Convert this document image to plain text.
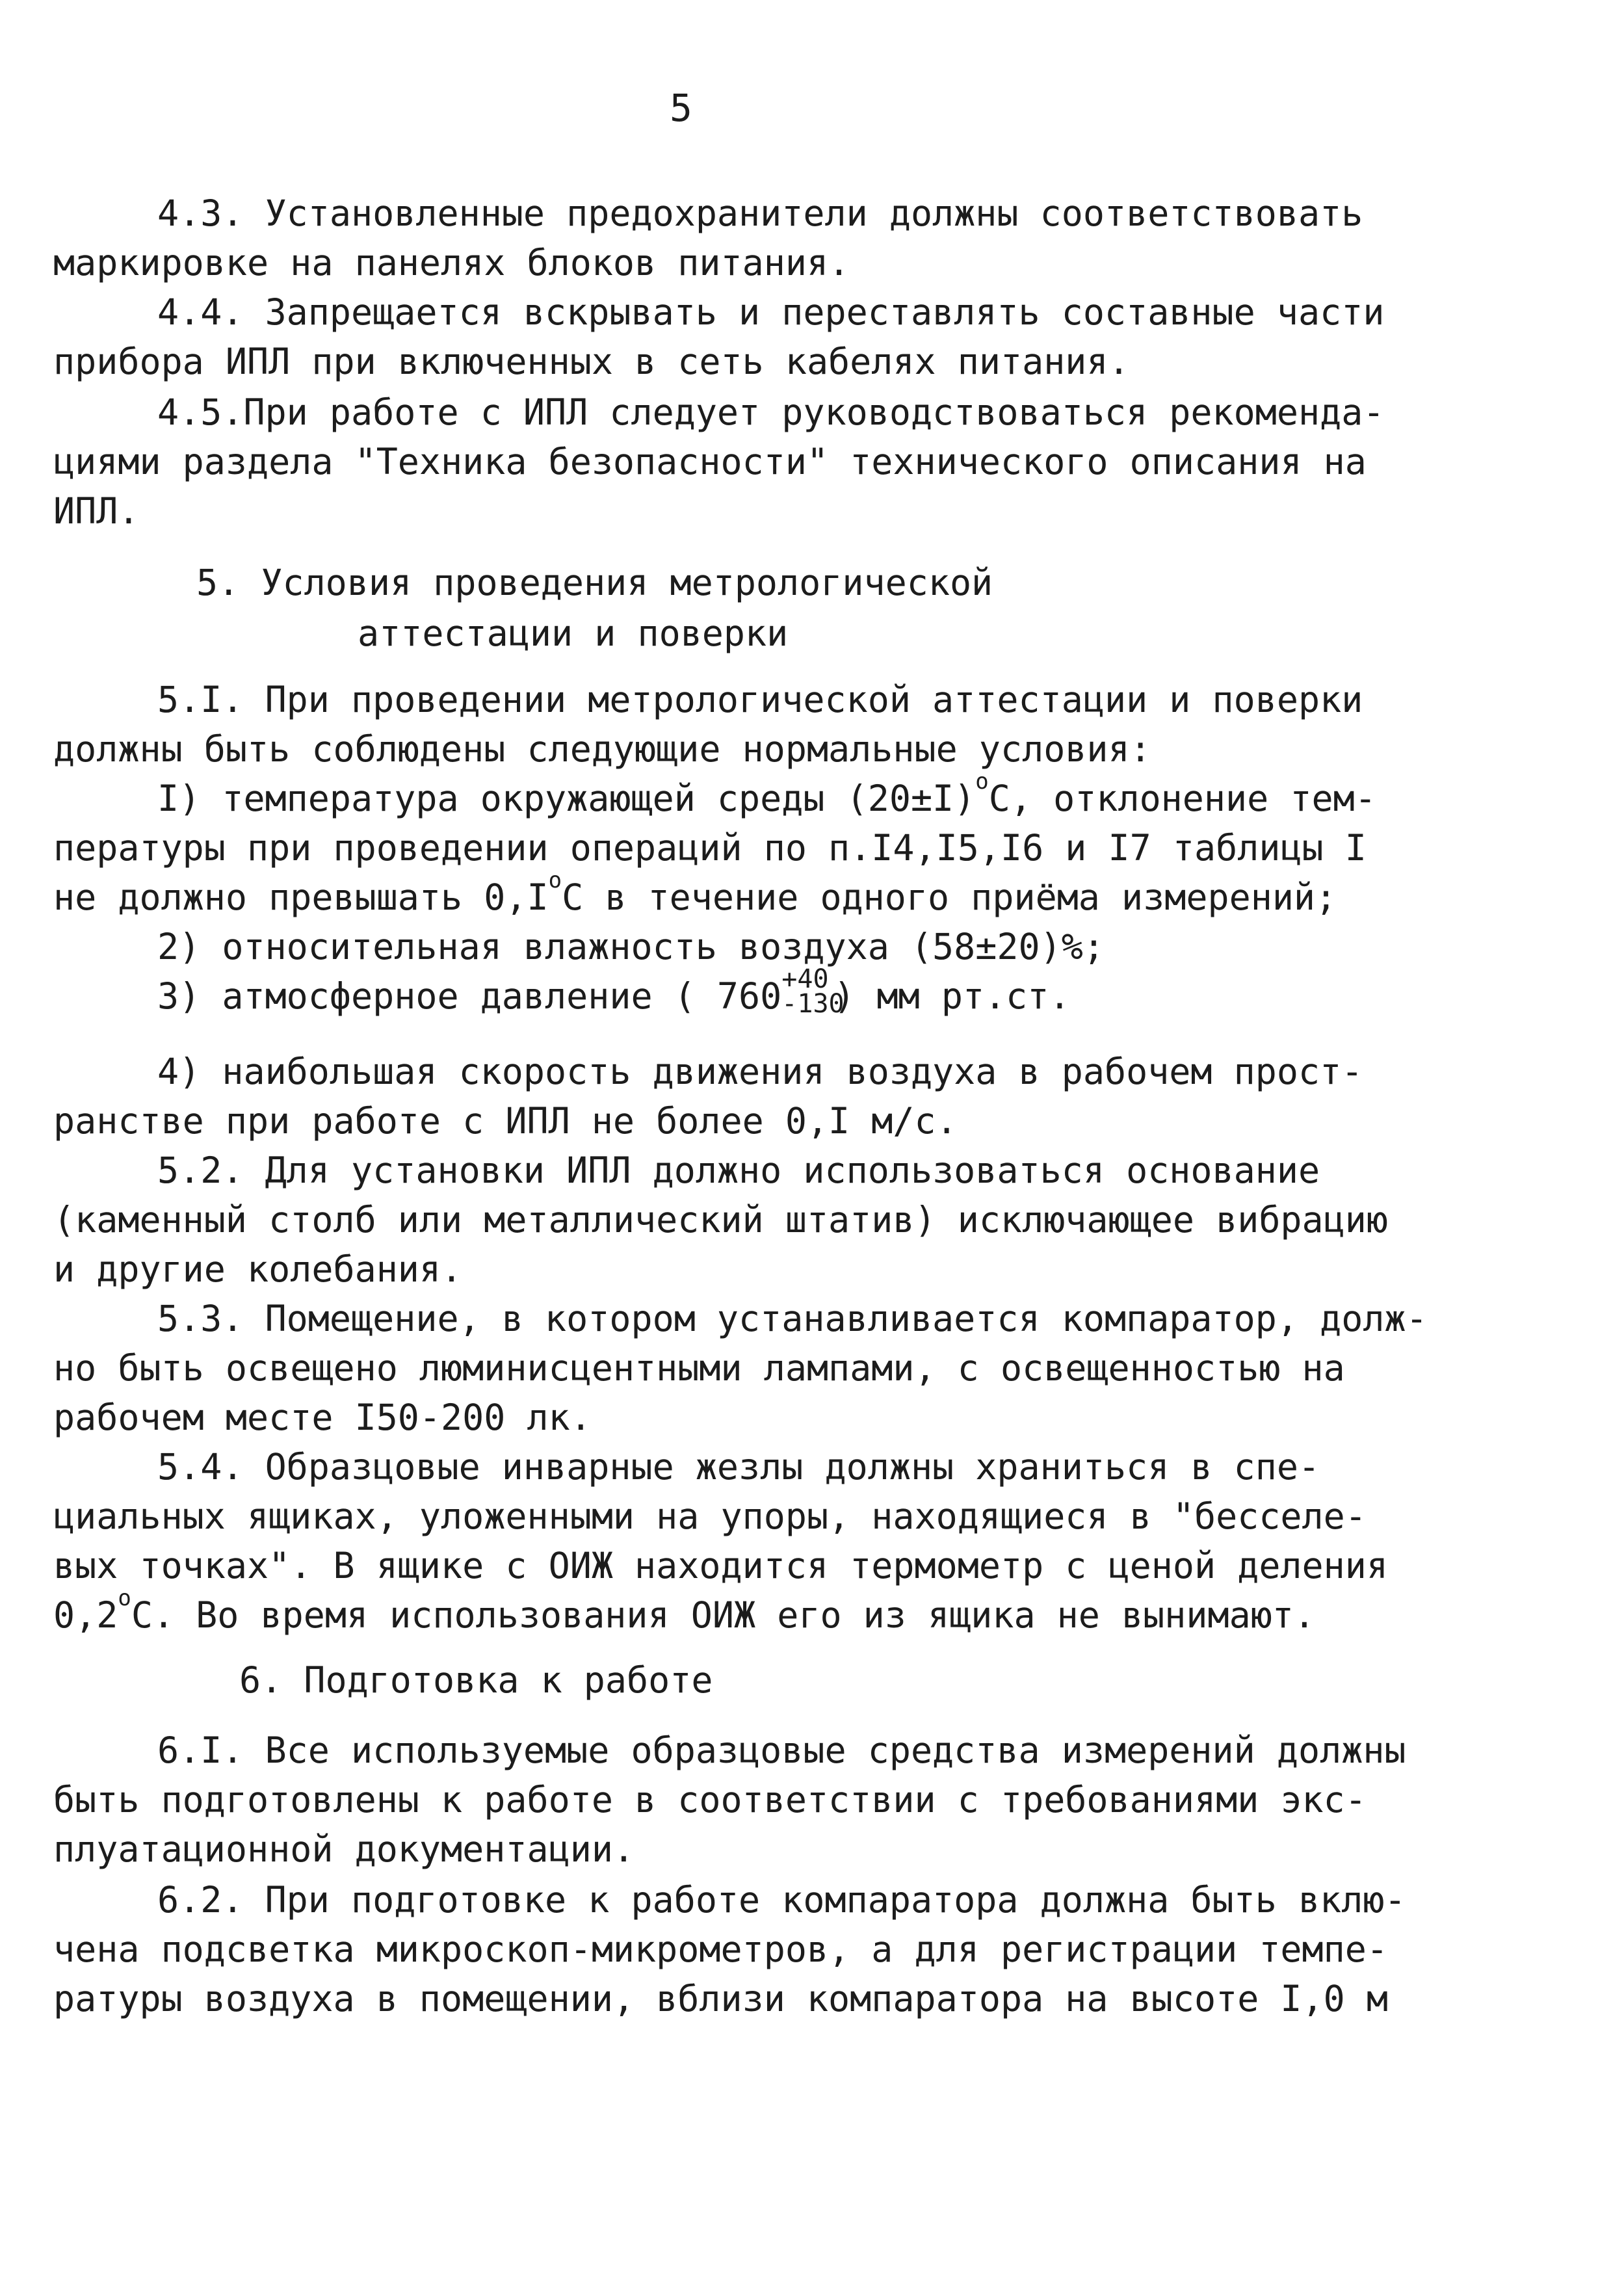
5
4.3. Установленные предохранители должны соответствовать
маркировке на панелях блоков питания.
4.4. Запрещается вскрывать и переставлять составные части
прибора ИПЛ при включенных в сеть кабелях питания.
4.5.При работе с ИПЛ следует руководствоваться рекоменда-
циями раздела "Техника безопасности" технического описания на
ИПЛ.
5. Условия проведения метрологической
аттестации и поверки
5.I. При проведении метрологической аттестации и поверки
должны быть соблюдены следующие нормальные условия:
I) температура окружающей среды $(20\pm I)^оС$, отклонение тем-
пературы при проведении операций по п.I4,I5,I6 и I7 таблицы I
не должно превышать $0,I^оС$ в течение одного приёма измерений;
2) относительная влажность воздуха (58±20)%;
3) атмосферное давление ( 760 +40
-130
) мм рт.ст.
4) наибольшая скорость движения воздуха в рабочем прост-
ранстве при работе с ИПЛ не более 0,I м/с.
5.2. Для установки ИПЛ должно использоваться основание
(каменный столб или металлический штатив) исключающее вибрацию
и другие колебания.
5.3. Помещение, в котором устанавливается компаратор, долж-
но быть освещено люминисцентными лампами, с освещенностью на
рабочем месте I50-200 лк.
5.4. Образцовые инварные жезлы должны храниться в спе-
циальных ящиках, уложенными на упоры, находящиеся в "бесселе-
вых точках". В ящике с ОИЖ находится термометр с ценой деления
$0,2^оС$. Во время использования ОИЖ его из ящика не вынимают.
6. Подготовка к работе
6.I. Все используемые образцовые средства измерений должны
быть подготовлены к работе в соответствии с требованиями экс-
плуатационной документации.
6.2. При подготовке к работе компаратора должна быть вклю-
чена подсветка микроскоп-микрометров, а для регистрации темпе-
ратуры воздуха в помещении, вблизи компаратора на высоте I,0 м
